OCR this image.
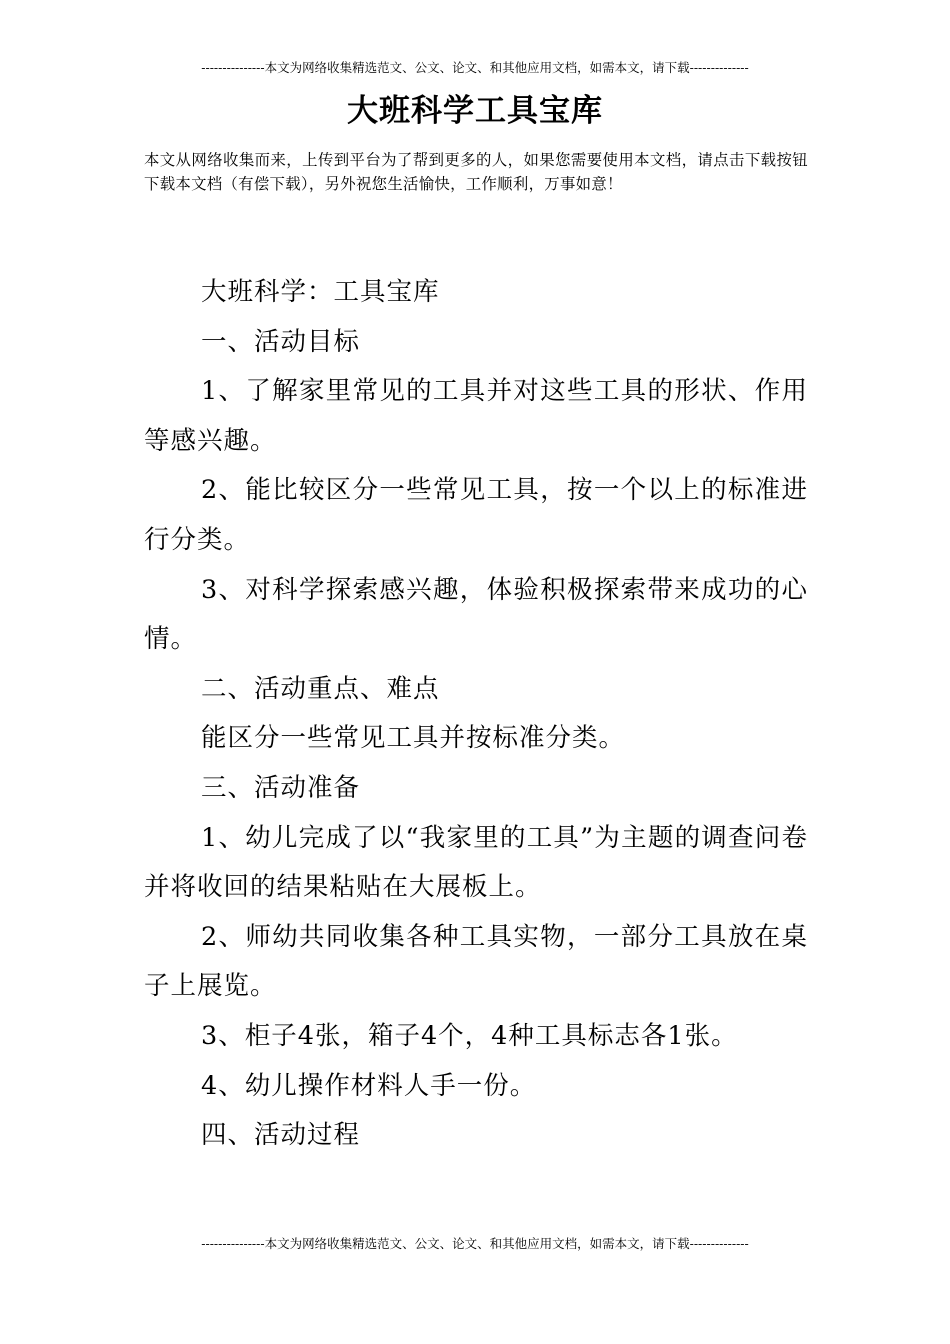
---------------本文为网络收集精选范文、公文、论文、和其他应用文档，如需本文，请下载--------------
大班科学工具宝库
本文从网络收集而来，上传到平台为了帮到更多的人，如果您需要使用本文档，请点击下载按钮下载本文档（有偿下载），另外祝您生活愉快，工作顺利，万事如意！

大班科学：工具宝库

一、活动目标

1、了解家里常见的工具并对这些工具的形状、作用等感兴趣。

2、能比较区分一些常见工具，按一个以上的标准进行分类。

3、对科学探索感兴趣，体验积极探索带来成功的心情。

二、活动重点、难点

能区分一些常见工具并按标准分类。

三、活动准备

1、幼儿完成了以“我家里的工具”为主题的调查问卷并将收回的结果粘贴在大展板上。

2、师幼共同收集各种工具实物，一部分工具放在桌子上展览。

3、柜子4张，箱子4个，4种工具标志各1张。

4、幼儿操作材料人手一份。

四、活动过程

---------------本文为网络收集精选范文、公文、论文、和其他应用文档，如需本文，请下载--------------
